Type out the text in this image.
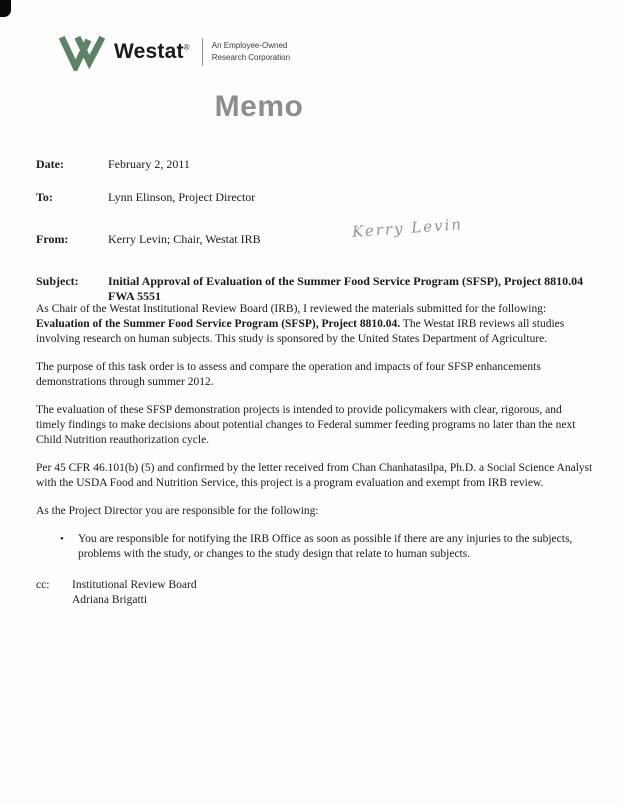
Westat®	An Employee-Owned
Research Corporation
Memo
Date:	February 2, 2011
To:	Lynn Elinson, Project Director
From:	Kerry Levin; Chair, Westat IRB	Kerry Levin
Subject:	Initial Approval of Evaluation of the Summer Food Service Program (SFSP), Project 8810.04
FWA 5551

As Chair of the Westat Institutional Review Board (IRB), I reviewed the materials submitted for the following: Evaluation of the Summer Food Service Program (SFSP), Project 8810.04. The Westat IRB reviews all studies involving research on human subjects. This study is sponsored by the United States Department of Agriculture.

The purpose of this task order is to assess and compare the operation and impacts of four SFSP enhancements demonstrations through summer 2012.

The evaluation of these SFSP demonstration projects is intended to provide policymakers with clear, rigorous, and timely findings to make decisions about potential changes to Federal summer feeding programs no later than the next Child Nutrition reauthorization cycle.

Per 45 CFR 46.101(b) (5) and confirmed by the letter received from Chan Chanhatasilpa, Ph.D. a Social Science Analyst with the USDA Food and Nutrition Service, this project is a program evaluation and exempt from IRB review.

As the Project Director you are responsible for the following:

• You are responsible for notifying the IRB Office as soon as possible if there are any injuries to the subjects, problems with the study, or changes to the study design that relate to human subjects.
cc:	Institutional Review Board
Adriana Brigatti
